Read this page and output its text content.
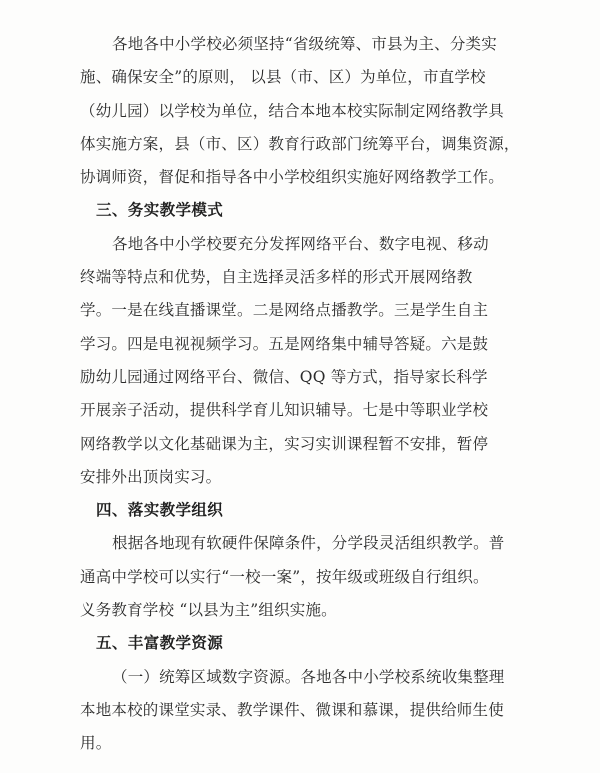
各地各中小学校必须坚持“省级统筹、市县为主、分类实
施、确保安全”的原则， 以县（市、区）为单位，市直学校
（幼儿园）以学校为单位，结合本地本校实际制定网络教学具
体实施方案，县（市、区）教育行政部门统筹平台，调集资源，
协调师资，督促和指导各中小学校组织实施好网络教学工作。
三、务实教学模式
各地各中小学校要充分发挥网络平台、数字电视、移动
终端等特点和优势，自主选择灵活多样的形式开展网络教
学。一是在线直播课堂。二是网络点播教学。三是学生自主
学习。四是电视视频学习。五是网络集中辅导答疑。六是鼓
励幼儿园通过网络平台、微信、QQ 等方式，指导家长科学
开展亲子活动，提供科学育儿知识辅导。七是中等职业学校
网络教学以文化基础课为主，实习实训课程暂不安排，暂停
安排外出顶岗实习。
四、落实教学组织
根据各地现有软硬件保障条件，分学段灵活组织教学。普
通高中学校可以实行“一校一案”，按年级或班级自行组织。
义务教育学校 “以县为主”组织实施。
五、丰富教学资源
（一）统筹区域数字资源。各地各中小学校系统收集整理
本地本校的课堂实录、教学课件、微课和慕课，提供给师生使
用。
